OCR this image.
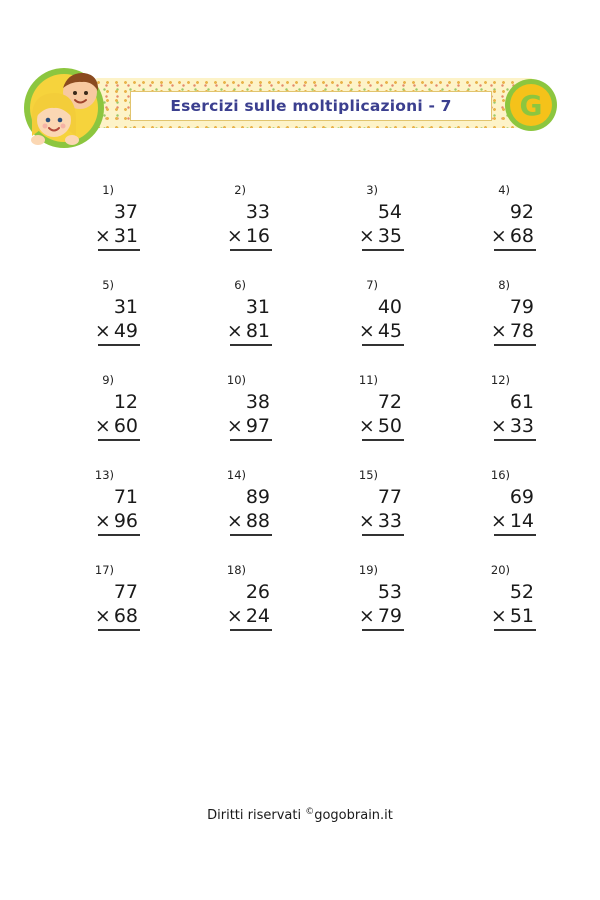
Esercizi sulle moltiplicazioni - 7 G
1)
37
× 31
2)
33
× 16
3)
54
× 35
4)
92
× 68
5)
31
× 49
6)
31
× 81
7)
40
× 45
8)
79
× 78
9)
12
× 60
10)
38
× 97
11)
72
× 50
12)
61
× 33
13)
71
× 96
14)
89
× 88
15)
77
× 33
16)
69
× 14
17)
77
× 68
18)
26
× 24
19)
53
× 79
20)
52
× 51
Diritti riservati ©gogobrain.it
